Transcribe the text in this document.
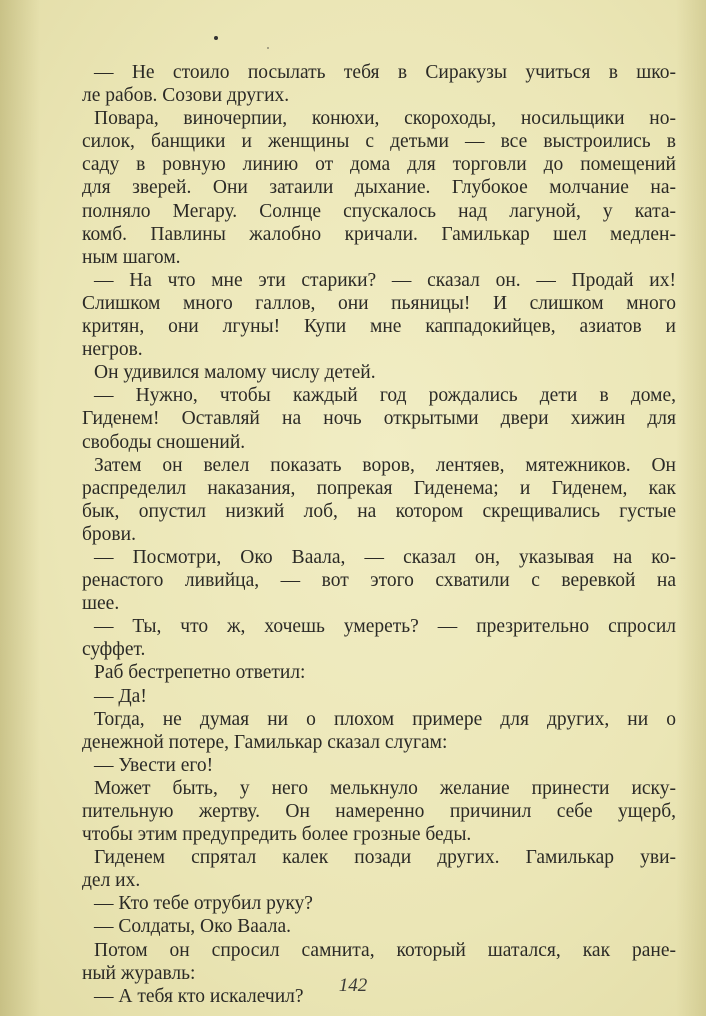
— Не стоило посылать тебя в Сиракузы учиться в шко-
ле рабов. Созови других.
Повара, виночерпии, конюхи, скороходы, носильщики но-
силок, банщики и женщины с детьми — все выстроились в
саду в ровную линию от дома для торговли до помещений
для зверей. Они затаили дыхание. Глубокое молчание на-
полняло Мегару. Солнце спускалось над лагуной, у ката-
комб. Павлины жалобно кричали. Гамилькар шел медлен-
ным шагом.
— На что мне эти старики? — сказал он. — Продай их!
Слишком много галлов, они пьяницы! И слишком много
критян, они лгуны! Купи мне каппадокийцев, азиатов и
негров.
Он удивился малому числу детей.
— Нужно, чтобы каждый год рождались дети в доме,
Гиденем! Оставляй на ночь открытыми двери хижин для
свободы сношений.
Затем он велел показать воров, лентяев, мятежников. Он
распределил наказания, попрекая Гиденема; и Гиденем, как
бык, опустил низкий лоб, на котором скрещивались густые
брови.
— Посмотри, Око Ваала, — сказал он, указывая на ко-
ренастого ливийца, — вот этого схватили с веревкой на
шее.
— Ты, что ж, хочешь умереть? — презрительно спросил
суффет.
Раб бестрепетно ответил:
— Да!
Тогда, не думая ни о плохом примере для других, ни о
денежной потере, Гамилькар сказал слугам:
— Увести его!
Может быть, у него мелькнуло желание принести иску-
пительную жертву. Он намеренно причинил себе ущерб,
чтобы этим предупредить более грозные беды.
Гиденем спрятал калек позади других. Гамилькар уви-
дел их.
— Кто тебе отрубил руку?
— Солдаты, Око Ваала.
Потом он спросил самнита, который шатался, как ране-
ный журавль:
— А тебя кто искалечил?
142
